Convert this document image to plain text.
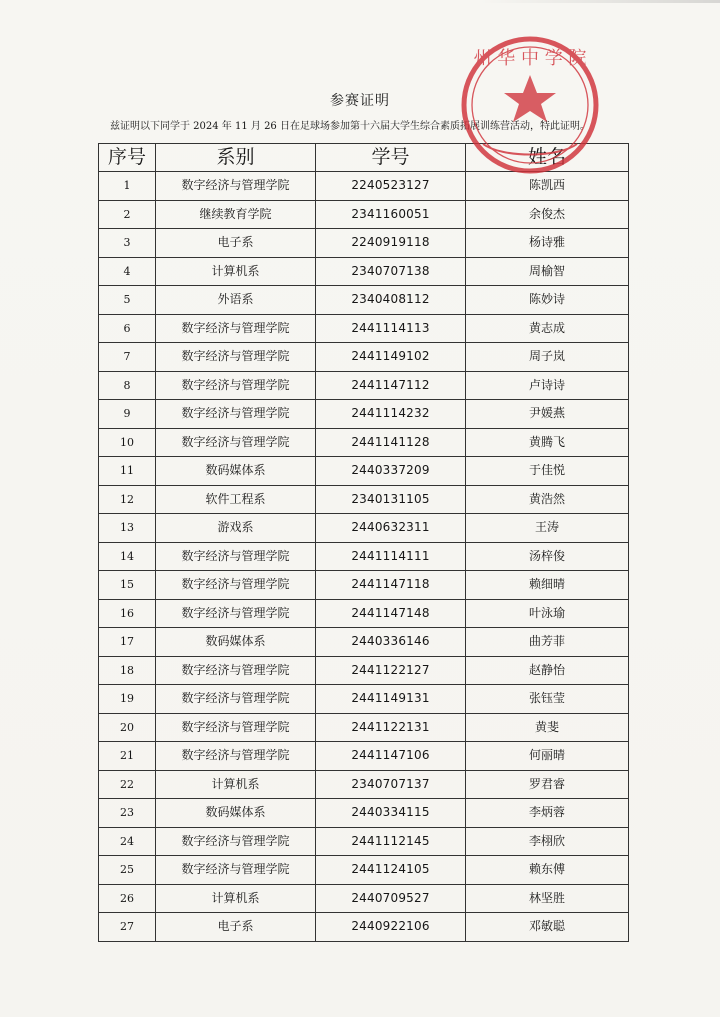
参赛证明
兹证明以下同学于 2024 年 11 月 26 日在足球场参加第十六届大学生综合素质拓展训练营活动，特此证明。
序号	系别	学号	姓名
1	数字经济与管理学院	2240523127	陈凯西
2	继续教育学院	2341160051	余俊杰
3	电子系	2240919118	杨诗雅
4	计算机系	2340707138	周榆智
5	外语系	2340408112	陈妙诗
6	数字经济与管理学院	2441114113	黄志成
7	数字经济与管理学院	2441149102	周子岚
8	数字经济与管理学院	2441147112	卢诗诗
9	数字经济与管理学院	2441114232	尹媛燕
10	数字经济与管理学院	2441141128	黄腾飞
11	数码媒体系	2440337209	于佳悦
12	软件工程系	2340131105	黄浩然
13	游戏系	2440632311	王涛
14	数字经济与管理学院	2441114111	汤梓俊
15	数字经济与管理学院	2441147118	赖细晴
16	数字经济与管理学院	2441147148	叶泳瑜
17	数码媒体系	2440336146	曲芳菲
18	数字经济与管理学院	2441122127	赵静怡
19	数字经济与管理学院	2441149131	张钰莹
20	数字经济与管理学院	2441122131	黄斐
21	数字经济与管理学院	2441147106	何丽晴
22	计算机系	2340707137	罗君睿
23	数码媒体系	2440334115	李炳蓉
24	数字经济与管理学院	2441112145	李栩欣
25	数字经济与管理学院	2441124105	赖东傅
26	计算机系	2440709527	林坚胜
27	电子系	2440922106	邓敏聪
州 华 中 学 院
